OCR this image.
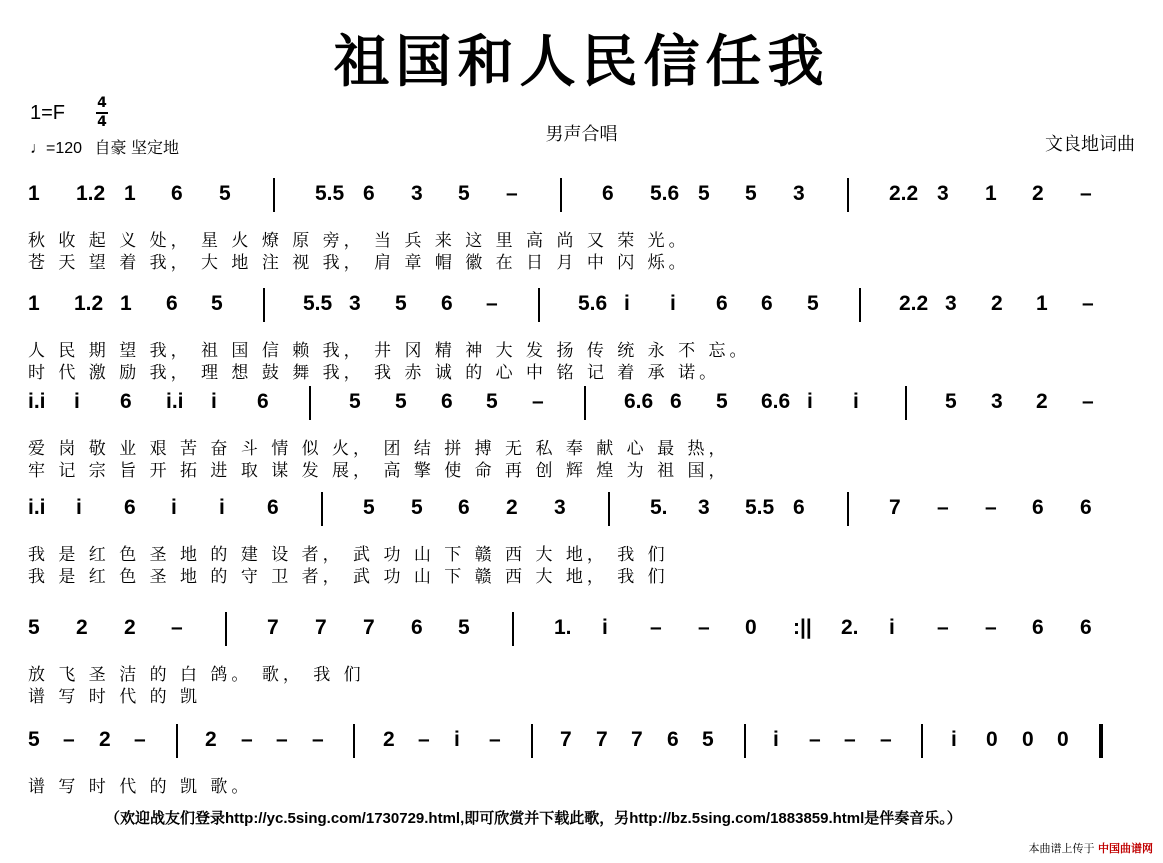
祖国和人民信任我
1=F 4
4
♩=120 自豪 坚定地
男声合唱	文良地词曲
1 1.2 1 6 5	5.5 6 3 5 –	6 5.6 5 5 3	2.2 3 1 2 –
秋 收 起 义 处， 星 火 燎 原 旁， 当 兵 来 这 里 高 尚 又 荣 光。
苍 天 望 着 我， 大 地 注 视 我， 肩 章 帽 徽 在 日 月 中 闪 烁。
1 1.2 1 6 5	5.5 3 5 6 –	5.6 i i 6 6 5	2.2 3 2 1 –
人 民 期 望 我， 祖 国 信 赖 我， 井 冈 精 神 大 发 扬 传 统 永 不 忘。
时 代 激 励 我， 理 想 鼓 舞 我， 我 赤 诚 的 心 中 铭 记 着 承 诺。
i.i i 6 i.i i 6	5 5 6 5 –	6.6 6 5 6.6 i i	5 3 2 –
爱 岗 敬 业 艰 苦 奋 斗 情 似 火， 团 结 拼 搏 无 私 奉 献 心 最 热，
牢 记 宗 旨 开 拓 进 取 谋 发 展， 高 擎 使 命 再 创 辉 煌 为 祖 国，
i.i i 6 i i 6	5 5 6 2 3	5. 3 5.5 6	7 – – 6 6
我 是 红 色 圣 地 的 建 设 者， 武 功 山 下 赣 西 大 地， 我 们
我 是 红 色 圣 地 的 守 卫 者， 武 功 山 下 赣 西 大 地， 我 们
5 2 2 –	7 7 7 6 5	1. i – – 0 :|| 2. i – – 6 6
放 飞 圣 洁 的 白 鸽。 歌， 我 们
谱 写 时 代 的 凯
5 – 2 –	2 – – –	2 – i –	7 7 7 6 5	i – – –	i 0 0 0
谱 写 时 代 的 凯 歌。
（欢迎战友们登录http://yc.5sing.com/1730729.html,即可欣赏并下载此歌，另http://bz.5sing.com/1883859.html是伴奏音乐。）
本曲谱上传于 中国曲谱网
